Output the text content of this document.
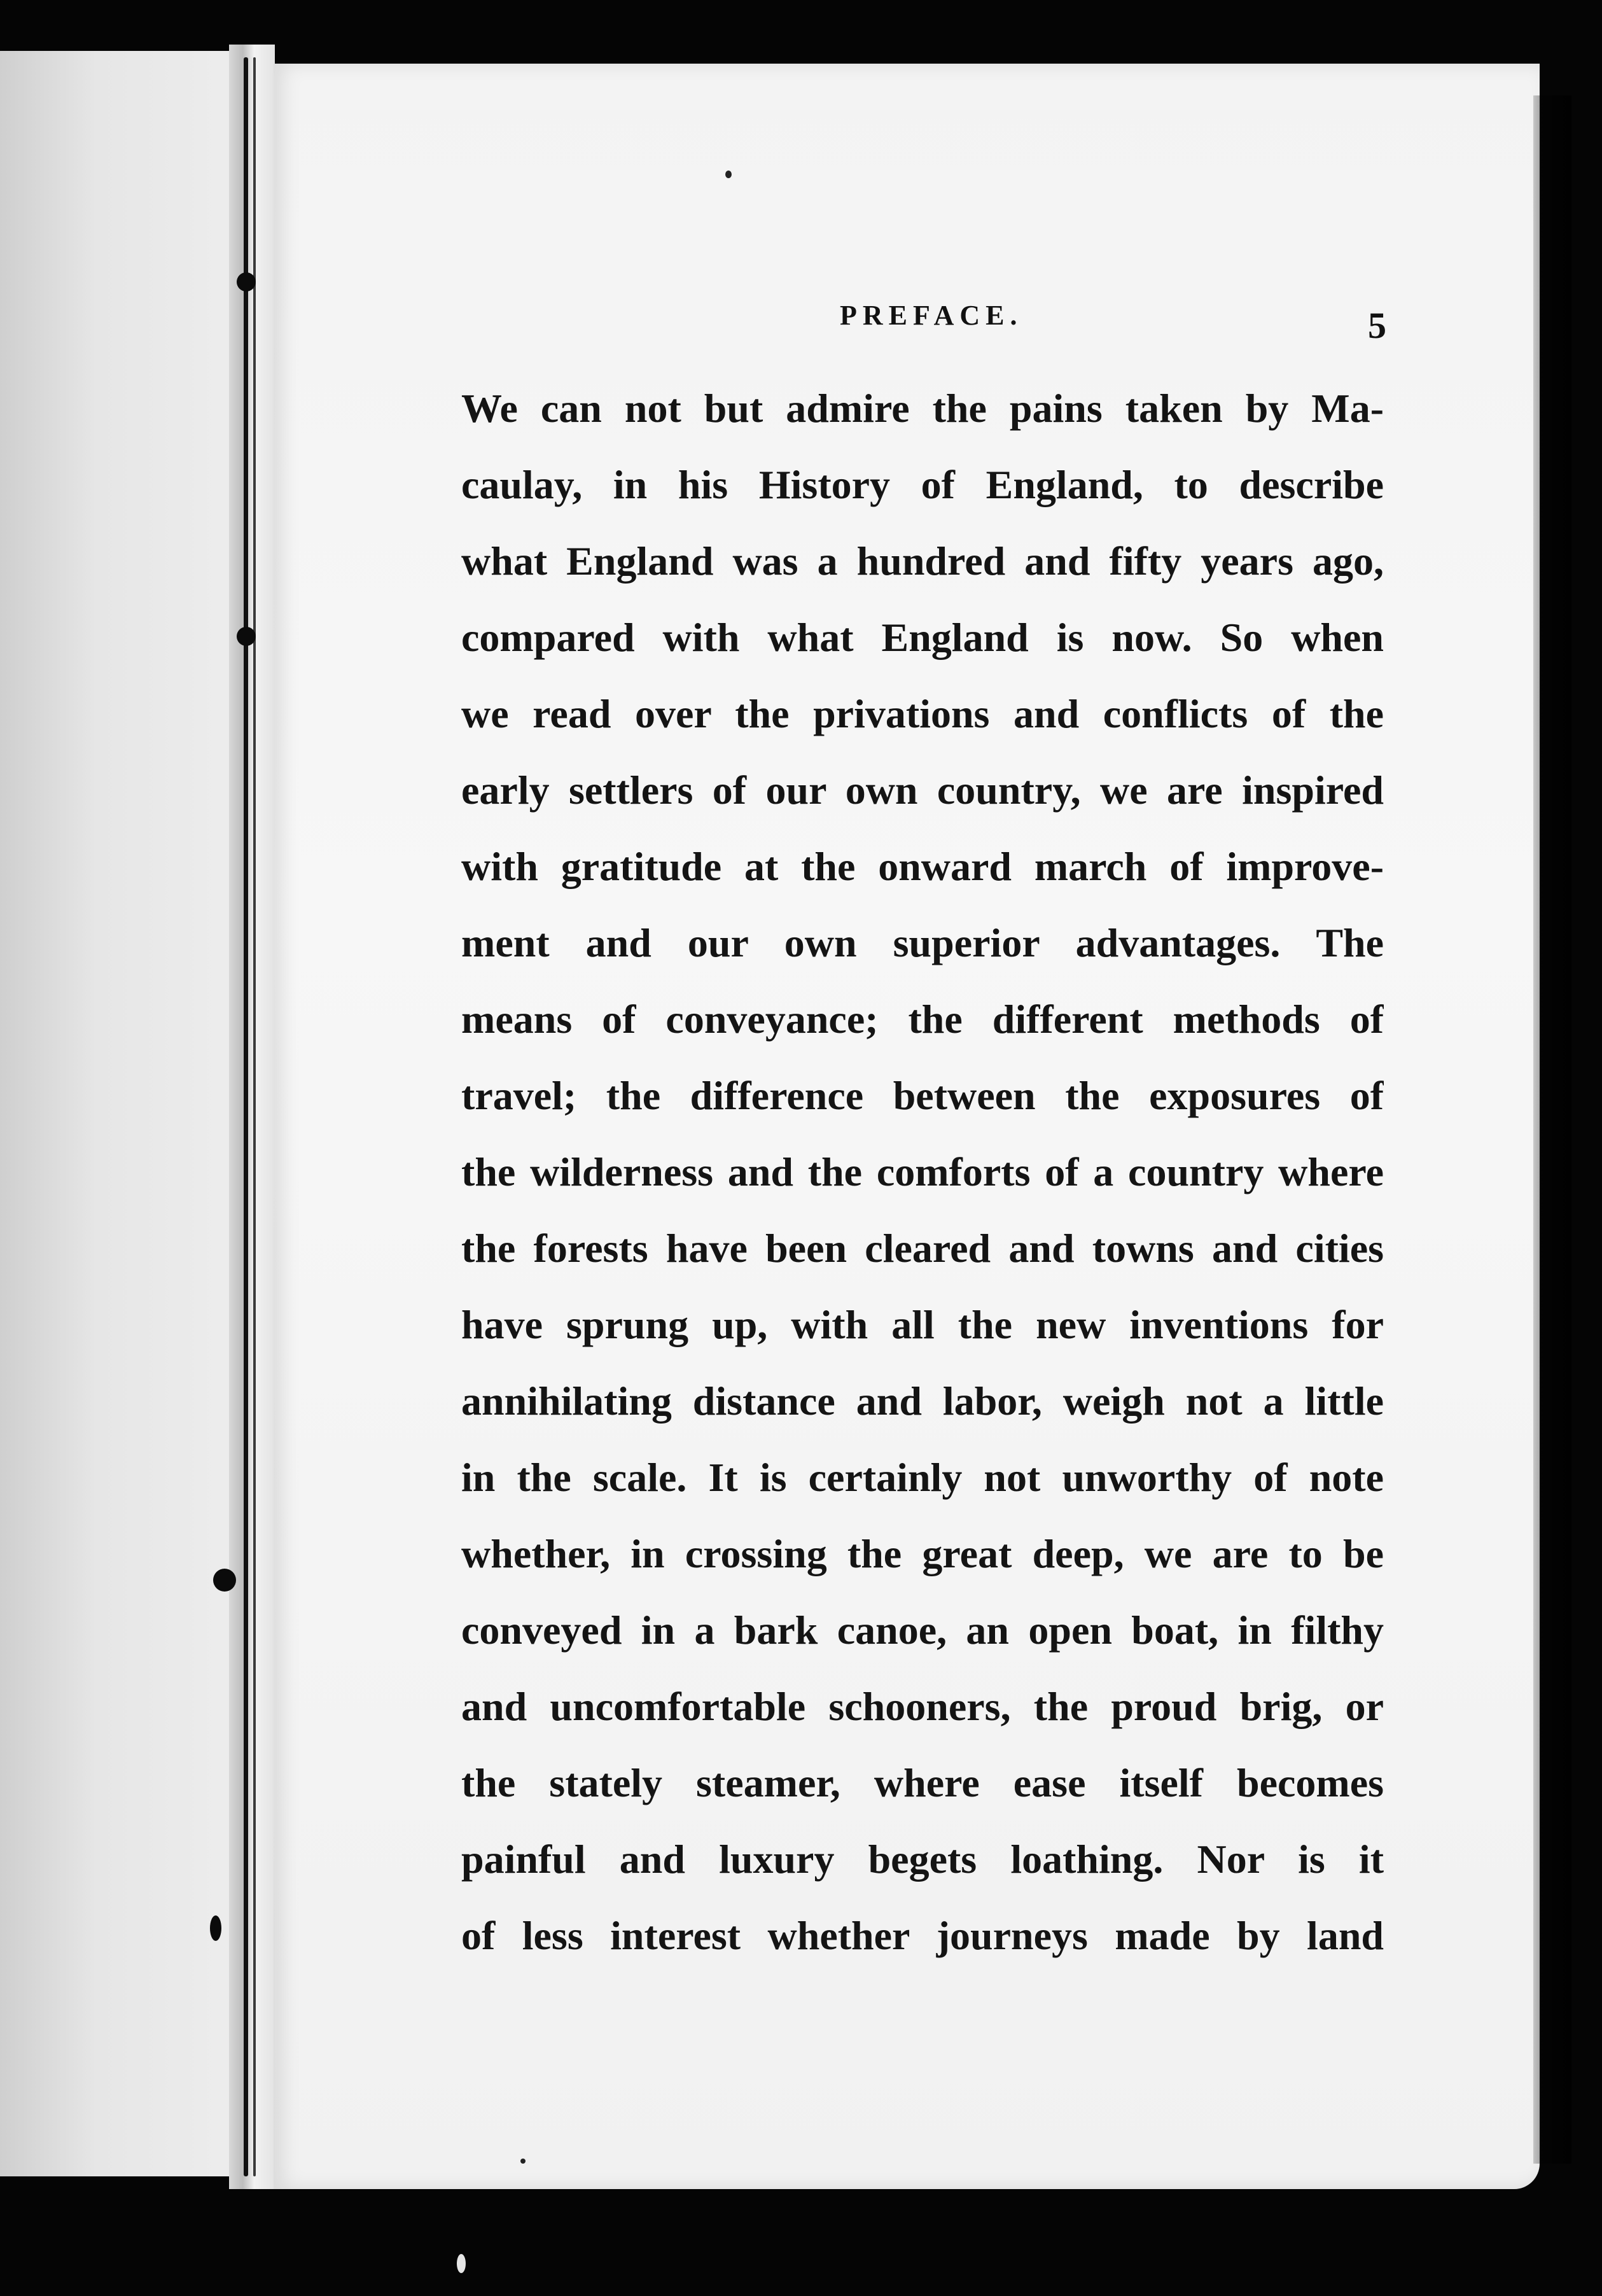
PREFACE.	5
We can not but admire the pains taken by Ma-
caulay, in his History of England, to describe
what England was a hundred and fifty years ago,
compared with what England is now. So when
we read over the privations and conflicts of the
early settlers of our own country, we are inspired
with gratitude at the onward march of improve-
ment and our own superior advantages. The
means of conveyance; the different methods of
travel; the difference between the exposures of
the wilderness and the comforts of a country where
the forests have been cleared and towns and cities
have sprung up, with all the new inventions for
annihilating distance and labor, weigh not a little
in the scale. It is certainly not unworthy of note
whether, in crossing the great deep, we are to be
conveyed in a bark canoe, an open boat, in filthy
and uncomfortable schooners, the proud brig, or
the stately steamer, where ease itself becomes
painful and luxury begets loathing. Nor is it
of less interest whether journeys made by land
